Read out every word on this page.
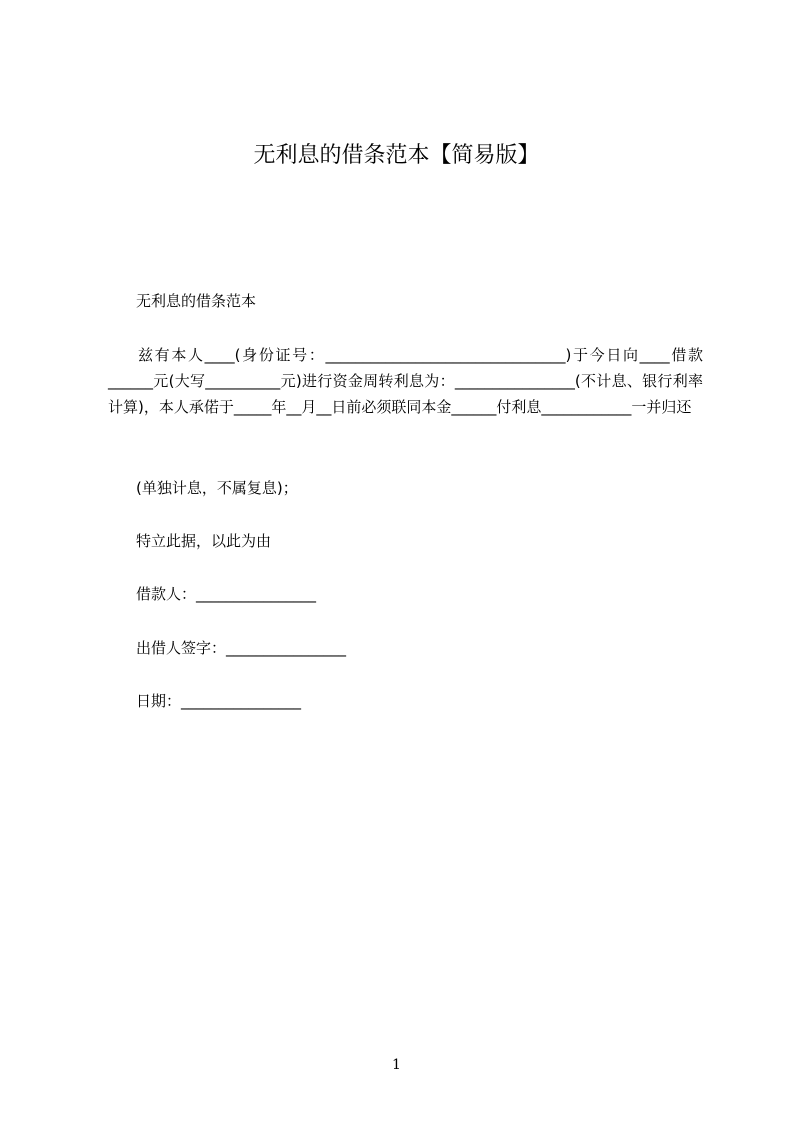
无利息的借条范本【简易版】

无利息的借条范本

兹有本人____(身份证号：________________________________)于今日向____借款______元(大写__________元)进行资金周转利息为：________________(不计息、银行利率计算)，本人承偌于_____年__月__日前必须联同本金______付利息____________一并归还

(单独计息，不属复息)；

特立此据，以此为由

借款人：________________

出借人签字：________________

日期：________________

1
